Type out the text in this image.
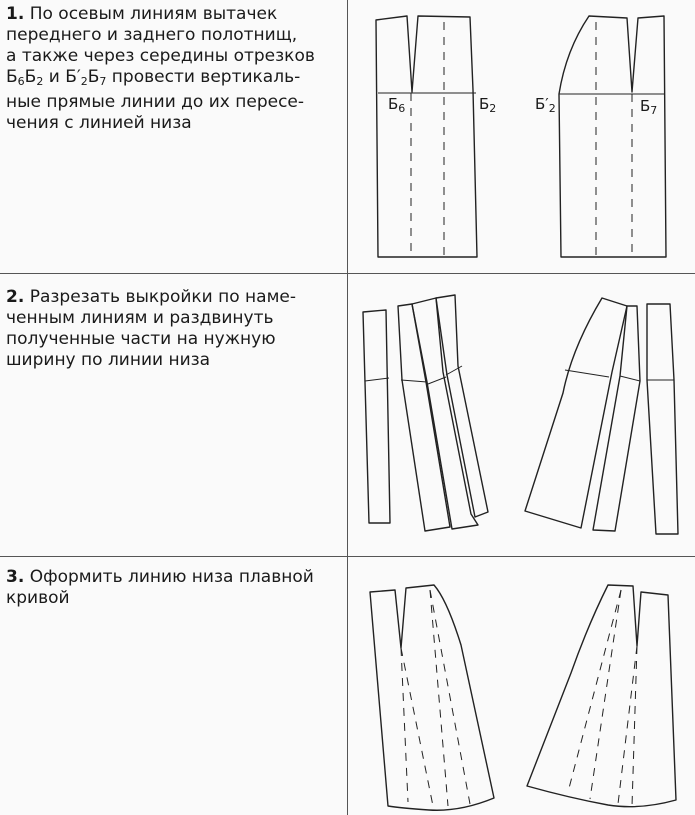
1. По осевым линиям вытачек
переднего и заднего полотнищ,
а также через середины отрезков
$Б_6Б_2$ и $Б'_2Б_7$ провести вертикаль-
ные прямые линии до их пересе-
чения с линией низа
2. Разрезать выкройки по наме-
ченным линиям и раздвинуть
полученные части на нужную
ширину по линии низа
3. Оформить линию низа плавной
кривой
$Б_6$	$Б_2$	$Б'_2$	$Б_7$
